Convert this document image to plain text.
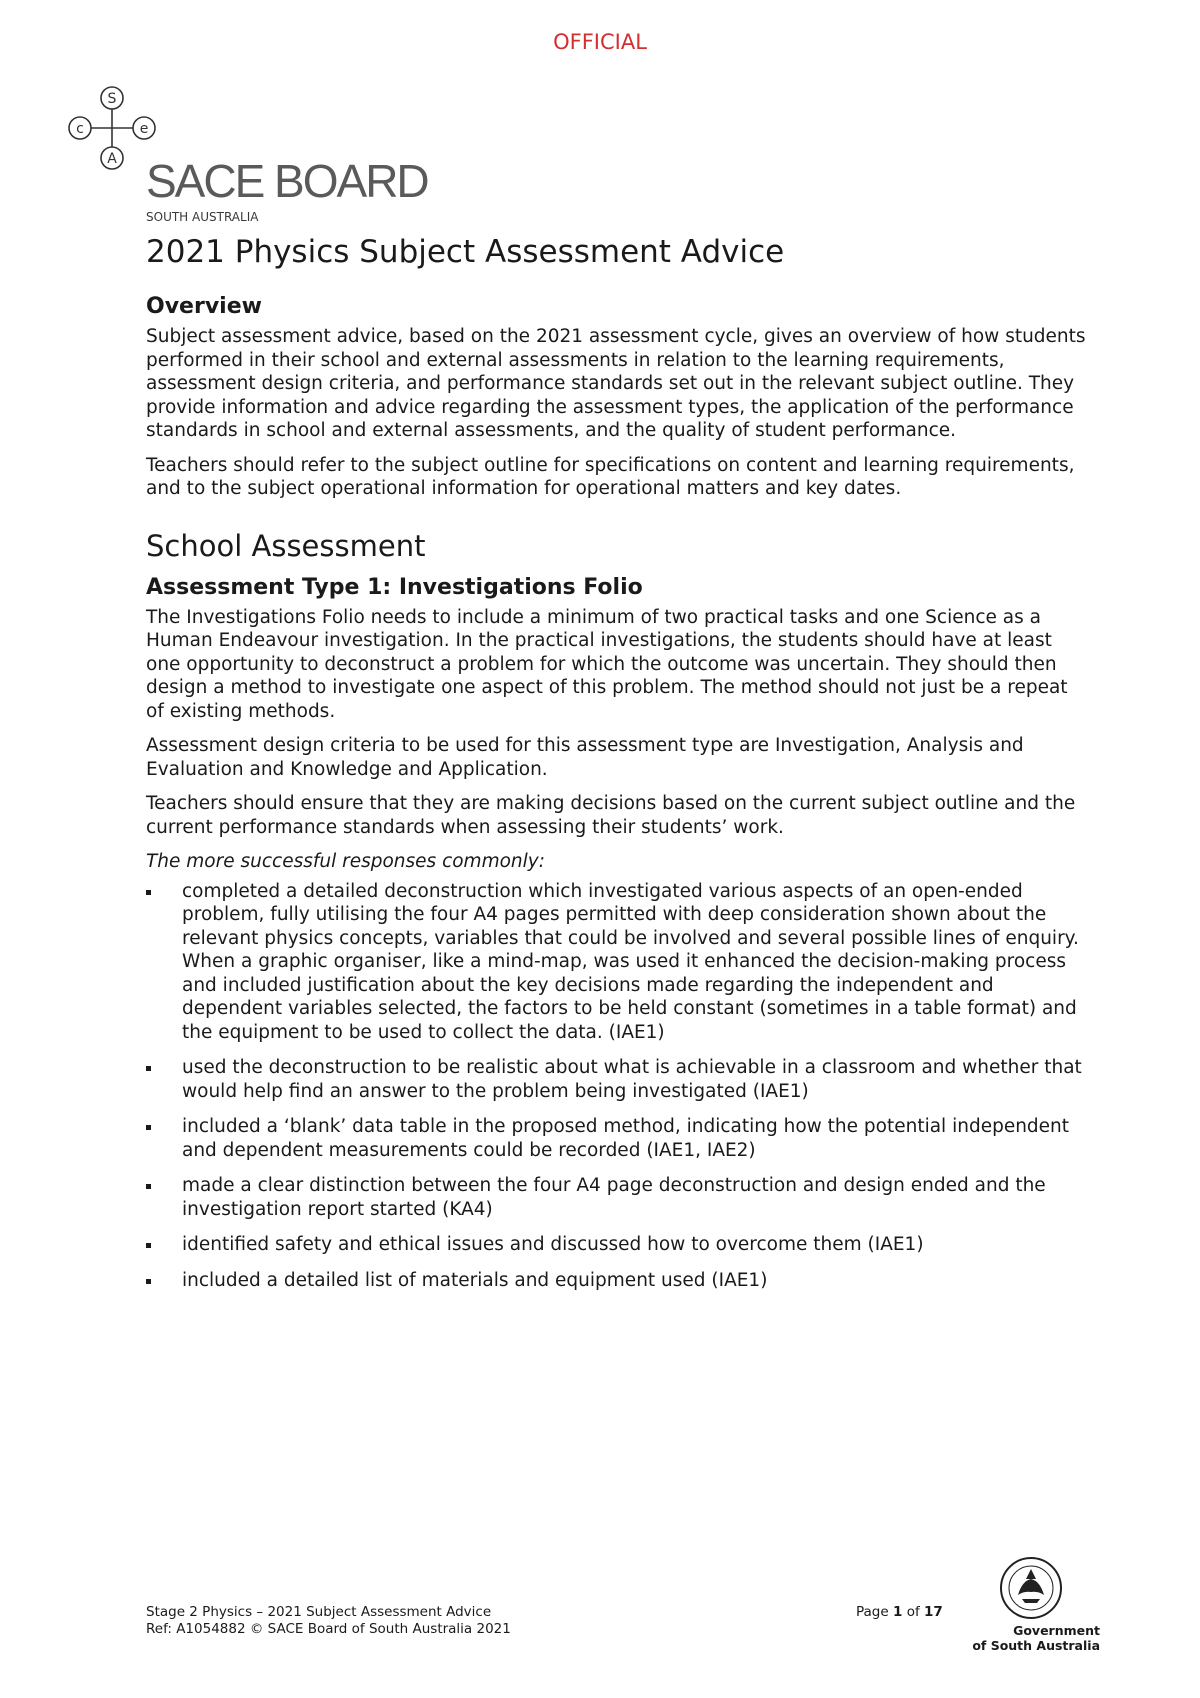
OFFICIAL
S
c	e
A SACE BOARD
SOUTH AUSTRALIA
2021 Physics Subject Assessment Advice
Overview

Subject assessment advice, based on the 2021 assessment cycle, gives an overview of how students performed in their school and external assessments in relation to the learning requirements, assessment design criteria, and performance standards set out in the relevant subject outline. They provide information and advice regarding the assessment types, the application of the performance standards in school and external assessments, and the quality of student performance.

Teachers should refer to the subject outline for specifications on content and learning requirements, and to the subject operational information for operational matters and key dates.

School Assessment
Assessment Type 1: Investigations Folio

The Investigations Folio needs to include a minimum of two practical tasks and one Science as a Human Endeavour investigation. In the practical investigations, the students should have at least one opportunity to deconstruct a problem for which the outcome was uncertain. They should then design a method to investigate one aspect of this problem. The method should not just be a repeat of existing methods.

Assessment design criteria to be used for this assessment type are Investigation, Analysis and Evaluation and Knowledge and Application.

Teachers should ensure that they are making decisions based on the current subject outline and the current performance standards when assessing their students’ work.

The more successful responses commonly:

completed a detailed deconstruction which investigated various aspects of an open-ended problem, fully utilising the four A4 pages permitted with deep consideration shown about the relevant physics concepts, variables that could be involved and several possible lines of enquiry. When a graphic organiser, like a mind-map, was used it enhanced the decision-making process and included justification about the key decisions made regarding the independent and dependent variables selected, the factors to be held constant (sometimes in a table format) and the equipment to be used to collect the data. (IAE1)
used the deconstruction to be realistic about what is achievable in a classroom and whether that would help find an answer to the problem being investigated (IAE1)
included a ‘blank’ data table in the proposed method, indicating how the potential independent and dependent measurements could be recorded (IAE1, IAE2)
made a clear distinction between the four A4 page deconstruction and design ended and the investigation report started (KA4)
identified safety and ethical issues and discussed how to overcome them (IAE1)
included a detailed list of materials and equipment used (IAE1)
Stage 2 Physics – 2021 Subject Assessment Advice
Ref: A1054882 © SACE Board of South Australia 2021
Page 1 of 17
Government
of South Australia
